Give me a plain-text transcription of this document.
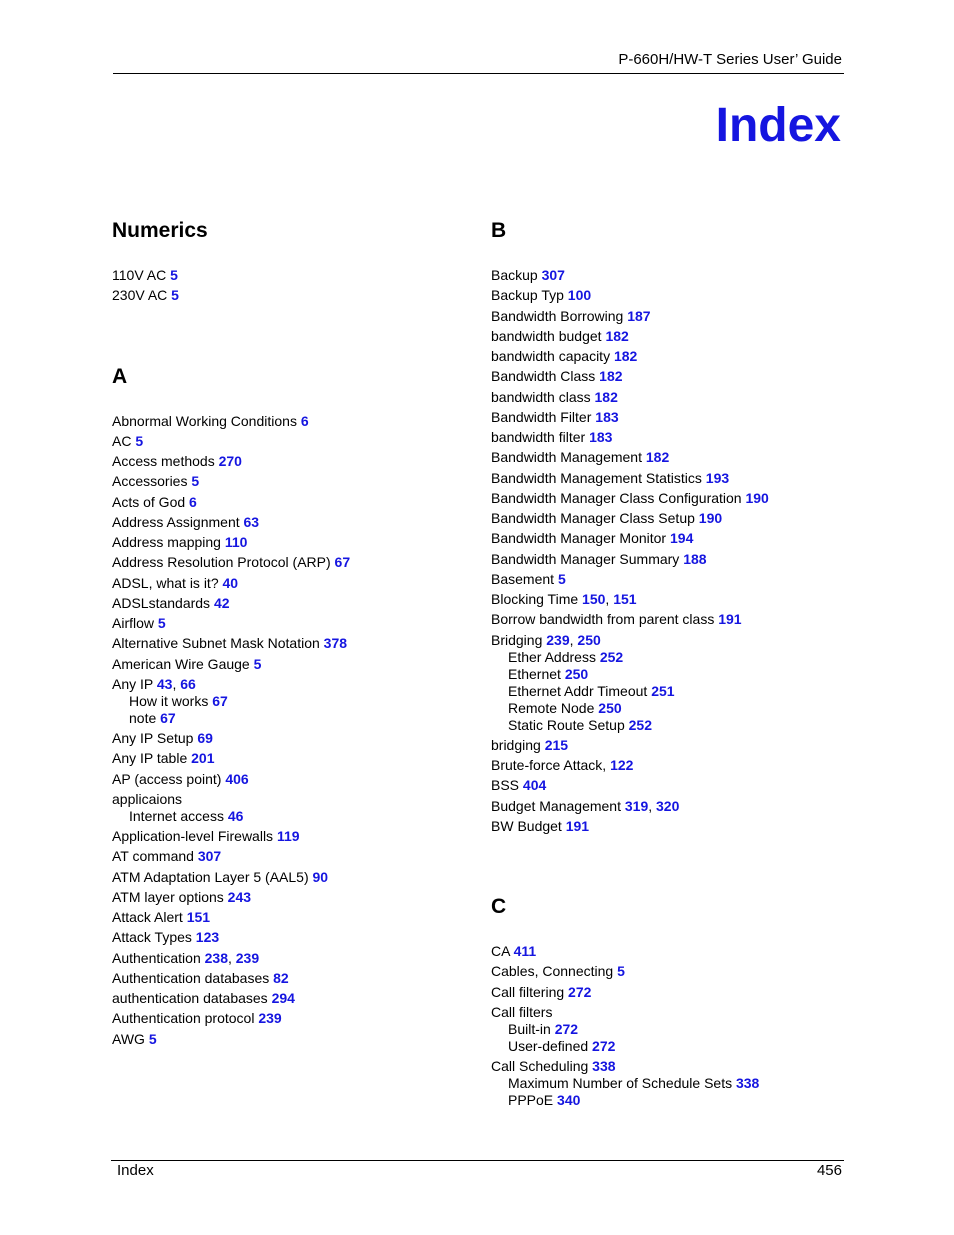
P-660H/HW-T Series User’ Guide
Index
Numerics
110V AC 5
230V AC 5
A
Abnormal Working Conditions 6
AC 5
Access methods 270
Accessories 5
Acts of God 6
Address Assignment 63
Address mapping 110
Address Resolution Protocol (ARP) 67
ADSL, what is it? 40
ADSLstandards 42
Airflow 5
Alternative Subnet Mask Notation 378
American Wire Gauge 5
Any IP 43, 66
How it works 67
note 67
Any IP Setup 69
Any IP table 201
AP (access point) 406
applicaions
Internet access 46
Application-level Firewalls 119
AT command 307
ATM Adaptation Layer 5 (AAL5) 90
ATM layer options 243
Attack Alert 151
Attack Types 123
Authentication 238, 239
Authentication databases 82
authentication databases 294
Authentication protocol 239
AWG 5
B
Backup 307
Backup Typ 100
Bandwidth Borrowing 187
bandwidth budget 182
bandwidth capacity 182
Bandwidth Class 182
bandwidth class 182
Bandwidth Filter 183
bandwidth filter 183
Bandwidth Management 182
Bandwidth Management Statistics 193
Bandwidth Manager Class Configuration 190
Bandwidth Manager Class Setup 190
Bandwidth Manager Monitor 194
Bandwidth Manager Summary 188
Basement 5
Blocking Time 150, 151
Borrow bandwidth from parent class 191
Bridging 239, 250
Ether Address 252
Ethernet 250
Ethernet Addr Timeout 251
Remote Node 250
Static Route Setup 252
bridging 215
Brute-force Attack, 122
BSS 404
Budget Management 319, 320
BW Budget 191
C
CA 411
Cables, Connecting 5
Call filtering 272
Call filters
Built-in 272
User-defined 272
Call Scheduling 338
Maximum Number of Schedule Sets 338
PPPoE 340
Index	456
